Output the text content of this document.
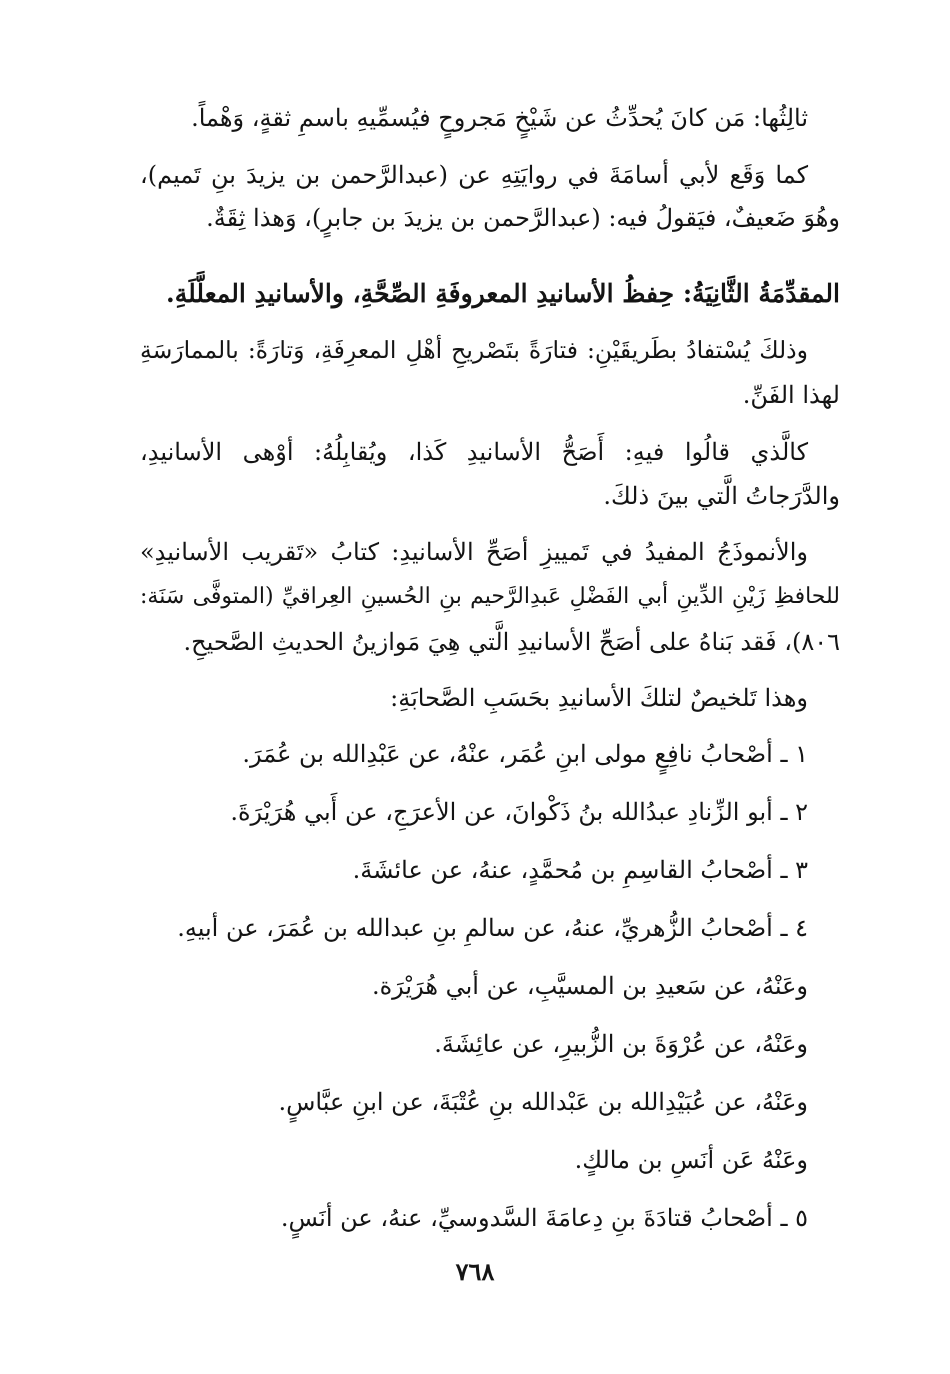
ثالِثُها: مَن كانَ يُحدِّثُ عن شَيْخٍ مَجروحٍ فيُسمِّيهِ باسمِ ثقةٍ، وَهْماً.

كما وَقَع لأبي أسامَةَ في روايَتِهِ عن (عبدالرَّحمن بن يزيدَ بنِ تَميم)،

وهُوَ ضَعيفٌ، فيَقولُ فيه: (عبدالرَّحمن بن يزيدَ بن جابرٍ)، وَهذا ثِقَةٌ.

المقدِّمَةُ الثَّانِيَةُ: حِفظُ الأسانيدِ المعروفَةِ الصِّحَّةِ، والأسانيدِ المعلَّلَةِ.

وذلكَ يُسْتفادُ بطَريقَيْنِ: فتارَةً بتَصْريحِ أهْلِ المعرِفَةِ، وَتارَةً: بالممارَسَةِ

لهذا الفَنِّ.

كالَّذي قالُوا فيهِ: أَصَحُّ الأسانيدِ كَذا، ويُقابِلُهُ: أوْهى الأسانيدِ،

والدَّرَجاتُ الَّتي بينَ ذلكَ.

والأنموذَجُ المفيدُ في تَمييزِ أصَحِّ الأسانيدِ: كتابُ «تَقريب الأسانيدِ»

للحافظِ زَيْنِ الدِّينِ أبي الفَضْلِ عَبدِالرَّحيم بنِ الحُسينِ العِراقيِّ (المتوفَّى سَنَة:

٨٠٦)، فَقد بَناهُ على أصَحِّ الأسانيدِ الَّتي هِيَ مَوازينُ الحديثِ الصَّحيحِ.

وهذا تَلخيصٌ لتلكَ الأسانيدِ بحَسَبِ الصَّحابَةِ:

١ ـ أصْحابُ نافِعٍ مولى ابنِ عُمَر، عنْهُ، عن عَبْدِالله بن عُمَرَ.

٢ ـ أبو الزِّنادِ عبدُالله بنُ ذَكْوانَ، عن الأعرَجِ، عن أَبي هُرَيْرَةَ.

٣ ـ أصْحابُ القاسِمِ بن مُحمَّدٍ، عنهُ، عن عائشَةَ.

٤ ـ أصْحابُ الزُّهريِّ، عنهُ، عن سالمِ بنِ عبدالله بن عُمَرَ، عن أبيهِ.

وعَنْهُ، عن سَعيدِ بن المسيَّبِ، عن أبي هُرَيْرَة.

وعَنْهُ، عن عُرْوَةَ بن الزُّبيرِ، عن عائِشَةَ.

وعَنْهُ، عن عُبَيْدِالله بن عَبْدالله بنِ عُتْبَةَ، عن ابنِ عبَّاسٍ.

وعَنْهُ عَن أنَسِ بن مالكٍ.

٥ ـ أصْحابُ قتادَةَ بنِ دِعامَةَ السَّدوسيِّ، عنهُ، عن أنَسٍ.

٧٦٨
